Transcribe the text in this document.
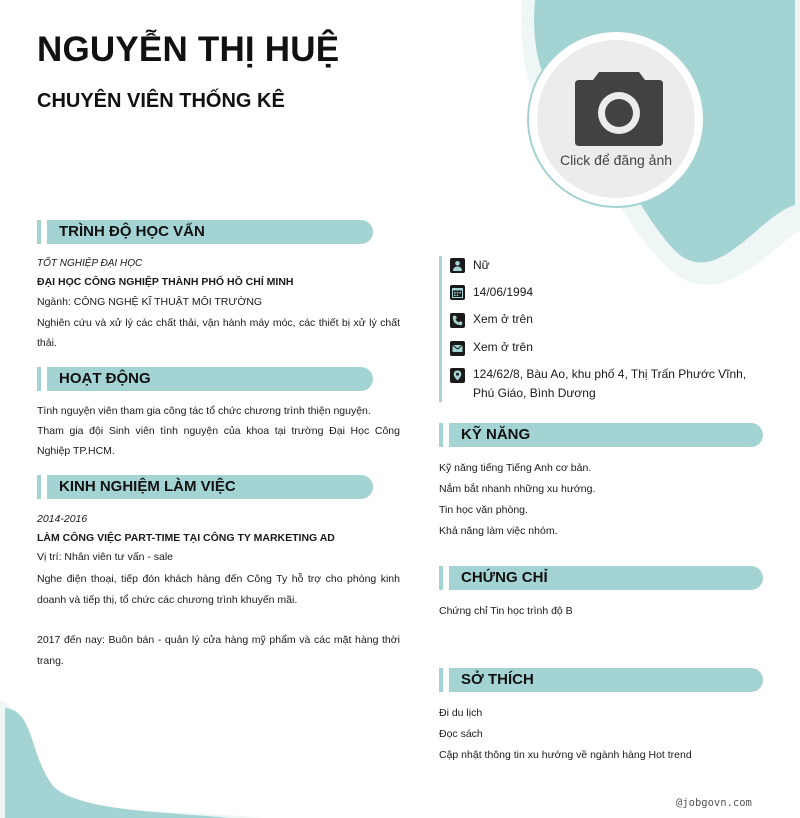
NGUYỄN THỊ HUỆ
CHUYÊN VIÊN THỐNG KÊ
Click để đăng ảnh
TRÌNH ĐỘ HỌC VẤN
TỐT NGHIỆP ĐẠI HỌC
ĐẠI HỌC CÔNG NGHIỆP THÀNH PHỐ HỒ CHÍ MINH
Ngành: CÔNG NGHỆ KĨ THUẬT MÔI TRƯỜNG
Nghiên cứu và xử lý các chất thải, vận hành máy móc, các thiết bị xử lý chất thải.
HOẠT ĐỘNG
Tình nguyện viên tham gia công tác tổ chức chương trình thiện nguyện.
Tham gia đội Sinh viên tình nguyện của khoa tại trường Đại Học Công Nghiệp TP.HCM.
KINH NGHIỆM LÀM VIỆC
2014-2016
LÀM CÔNG VIỆC PART-TIME TẠI CÔNG TY MARKETING AD
Vị trí: Nhân viên tư vấn - sale
Nghe điện thoại, tiếp đón khách hàng đến Công Ty hỗ trợ cho phòng kinh doanh và tiếp thị, tổ chức các chương trình khuyến mãi.
2017 đến nay: Buôn bán - quản lý cửa hàng mỹ phẩm và các mặt hàng thời trang.
Nữ
14/06/1994
Xem ở trên
Xem ở trên
124/62/8, Bàu Ao, khu phố 4, Thị Trấn Phước Vĩnh, Phú Giáo, Bình Dương
KỸ NĂNG
Kỹ năng tiếng Tiếng Anh cơ bản.
Nắm bắt nhanh những xu hướng.
Tin học văn phòng.
Khả năng làm việc nhóm.
CHỨNG CHỈ
Chứng chỉ Tin học trình độ B
SỞ THÍCH
Đi du lịch
Đọc sách
Cập nhật thông tin xu hướng về ngành hàng Hot trend
@jobgovn.com
